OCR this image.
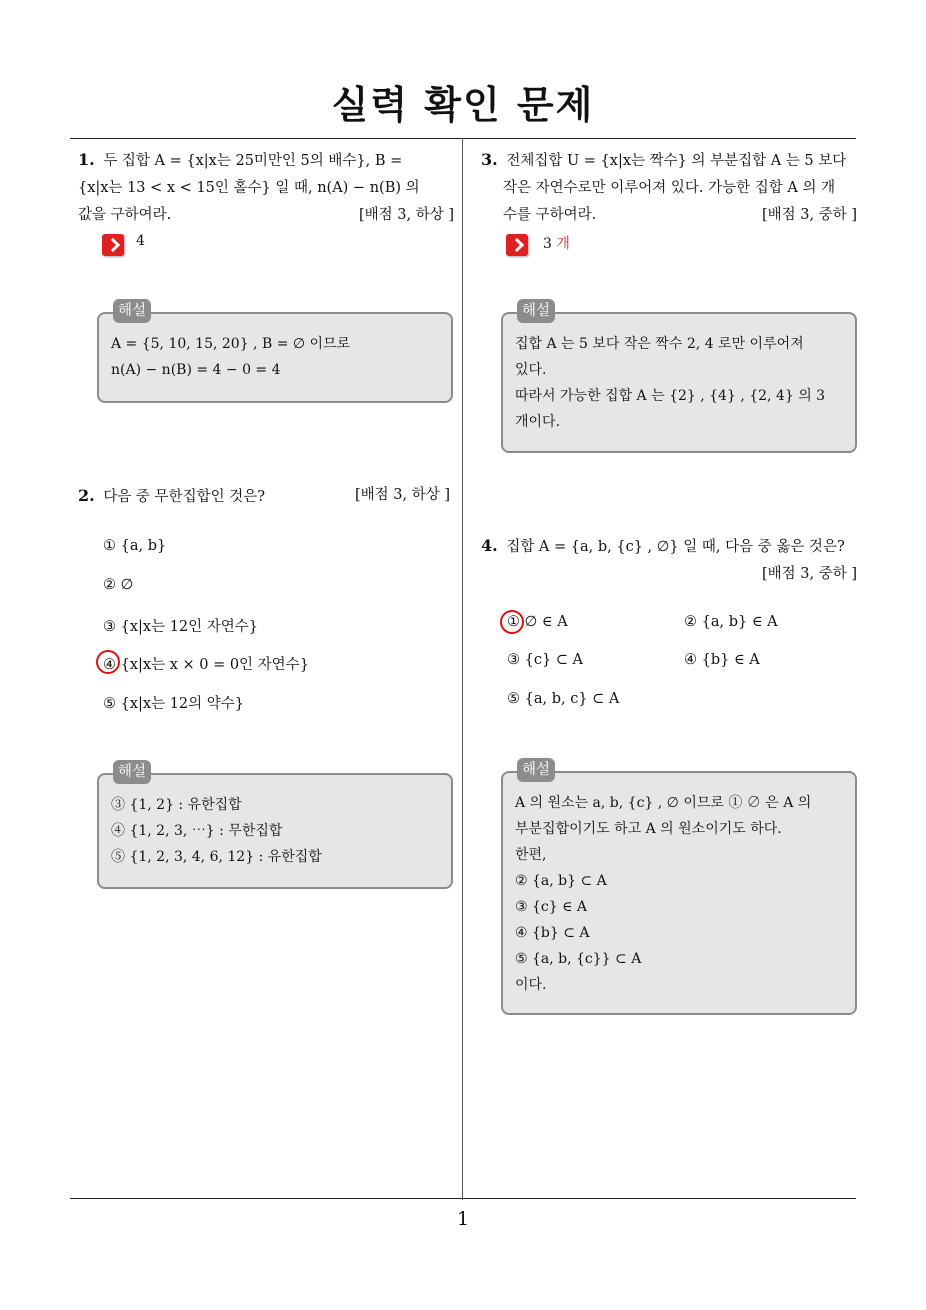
실력 확인 문제

1. 두 집합 A = {x|x는 25미만인 5의 배수}, B =

{x|x는 13 < x < 15인 홀수} 일 때, n(A) − n(B) 의

값을 구하여라.	[배점 3, 하상 ]

4
해설
A = {5, 10, 15, 20} , B = ∅ 이므로
n(A) − n(B) = 4 − 0 = 4

2. 다음 중 무한집합인 것은?	[배점 3, 하상 ]

① {a, b}
② ∅
③ {x|x는 12인 자연수}
④ {x|x는 x × 0 = 0인 자연수}
⑤ {x|x는 12의 약수}
해설
③ {1, 2} : 유한집합
④ {1, 2, 3, ⋯} : 무한집합
⑤ {1, 2, 3, 4, 6, 12} : 유한집합

3. 전체집합 U = {x|x는 짝수} 의 부분집합 A 는 5 보다

작은 자연수로만 이루어져 있다. 가능한 집합 A 의 개

수를 구하여라.	[배점 3, 중하 ]

3 개
해설
집합 A 는 5 보다 작은 짝수 2, 4 로만 이루어져
있다.
따라서 가능한 집합 A 는 {2} , {4} , {2, 4} 의 3
개이다.

4. 집합 A = {a, b, {c} , ∅} 일 때, 다음 중 옳은 것은?

[배점 3, 중하 ]

① ∅ ∈ A	② {a, b} ∈ A
③ {c} ⊂ A	④ {b} ∈ A
⑤ {a, b, c} ⊂ A
해설
A 의 원소는 a, b, {c} , ∅ 이므로 ① ∅ 은 A 의
부분집합이기도 하고 A 의 원소이기도 하다.
한편,
② {a, b} ⊂ A
③ {c} ∈ A
④ {b} ⊂ A
⑤ {a, b, {c}} ⊂ A
이다.
1
